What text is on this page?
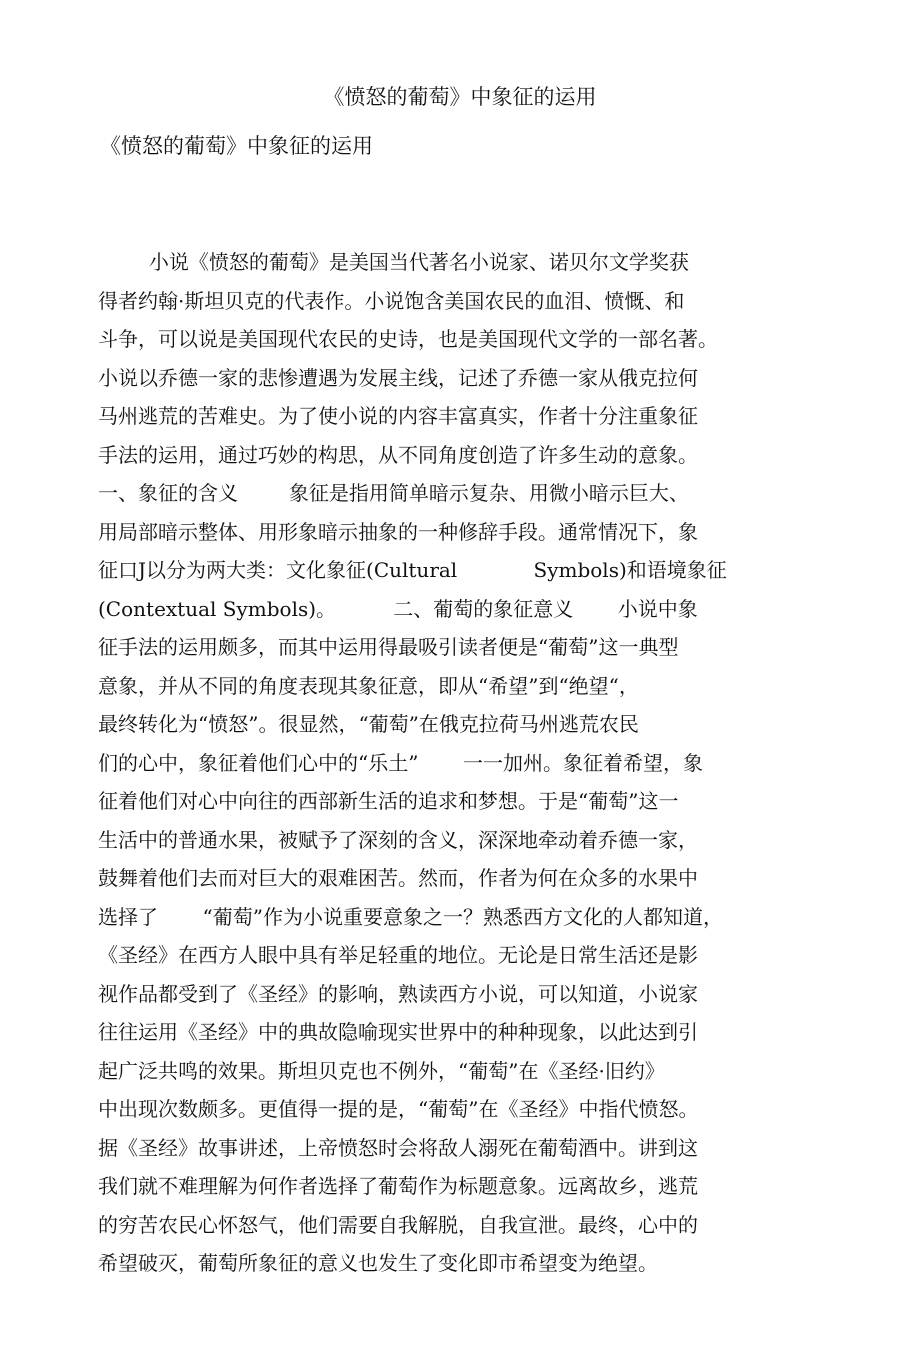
《愤怒的葡萄》中象征的运用
《愤怒的葡萄》中象征的运用
小说《愤怒的葡萄》是美国当代著名小说家、诺贝尔文学奖获
得者约翰·斯坦贝克的代表作。小说饱含美国农民的血泪、愤慨、和
斗争，可以说是美国现代农民的史诗，也是美国现代文学的一部名著。
小说以乔德一家的悲惨遭遇为发展主线，记述了乔德一家从俄克拉何
马州逃荒的苦难史。为了使小说的内容丰富真实，作者十分注重象征
手法的运用，通过巧妙的构思，从不同角度创造了许多生动的意象。
一、象征的含义        象征是指用简单暗示复杂、用微小暗示巨大、
用局部暗示整体、用形象暗示抽象的一种修辞手段。通常情况下，象
征口J以分为两大类：文化象征(Cultural            Symbols)和语境象征
(Contextual Symbols)。         二、葡萄的象征意义       小说中象
征手法的运用颇多，而其中运用得最吸引读者便是“葡萄”这一典型
意象，并从不同的角度表现其象征意，即从“希望”到“绝望“，
最终转化为“愤怒”。很显然，“葡萄”在俄克拉荷马州逃荒农民
们的心中，象征着他们心中的“乐土”       一一加州。象征着希望，象
征着他们对心中向往的西部新生活的追求和梦想。于是“葡萄”这一
生活中的普通水果，被赋予了深刻的含义，深深地牵动着乔德一家，
鼓舞着他们去而对巨大的艰难困苦。然而，作者为何在众多的水果中
选择了       “葡萄”作为小说重要意象之一？熟悉西方文化的人都知道，
《圣经》在西方人眼中具有举足轻重的地位。无论是日常生活还是影
视作品都受到了《圣经》的影响，熟读西方小说，可以知道，小说家
往往运用《圣经》中的典故隐喻现实世界中的种种现象，以此达到引
起广泛共鸣的效果。斯坦贝克也不例外，“葡萄”在《圣经·旧约》
中出现次数颇多。更值得一提的是，“葡萄”在《圣经》中指代愤怒。
据《圣经》故事讲述，上帝愤怒时会将敌人溺死在葡萄酒中。讲到这
我们就不难理解为何作者选择了葡萄作为标题意象。远离故乡，逃荒
的穷苦农民心怀怒气，他们需要自我解脱，自我宣泄。最终，心中的
希望破灭，葡萄所象征的意义也发生了变化即市希望变为绝望。
